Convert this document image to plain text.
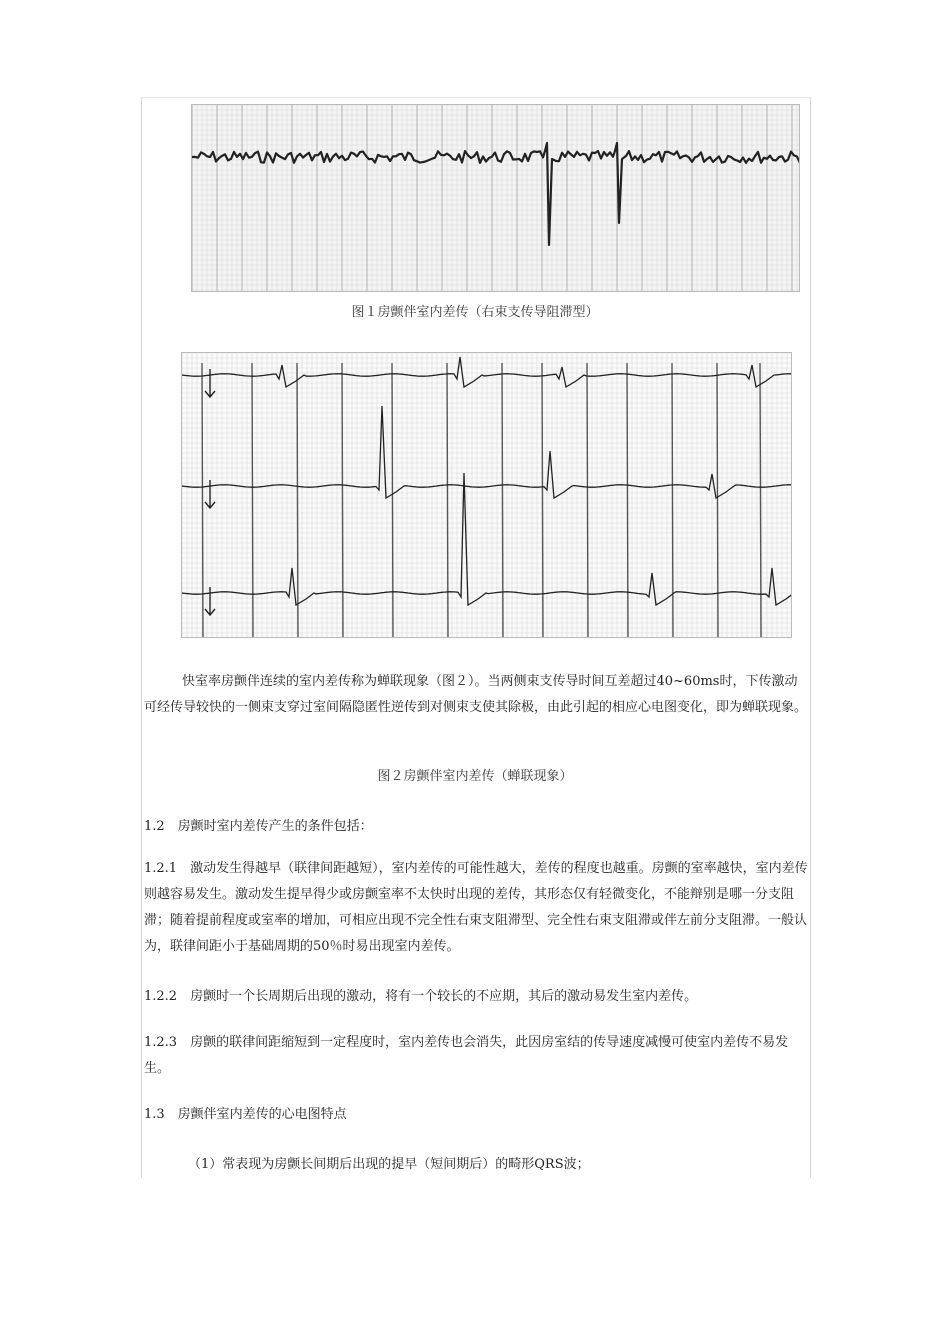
图１房颤伴室内差传（右束支传导阻滞型）

快室率房颤伴连续的室内差传称为蝉联现象（图２）。当两侧束支传导时间互差超过40~60ms时，下传激动可经传导较快的一侧束支穿过室间隔隐匿性逆传到对侧束支使其除极，由此引起的相应心电图变化，即为蝉联现象。

图２房颤伴室内差传（蝉联现象）

1.2　房颤时室内差传产生的条件包括：

1.2.1　激动发生得越早（联律间距越短），室内差传的可能性越大，差传的程度也越重。房颤的室率越快，室内差传则越容易发生。激动发生提早得少或房颤室率不太快时出现的差传，其形态仅有轻微变化，不能辩别是哪一分支阻滞；随着提前程度或室率的增加，可相应出现不完全性右束支阻滞型、完全性右束支阻滞或伴左前分支阻滞。一般认为，联律间距小于基础周期的50％时易出现室内差传。

1.2.2　房颤时一个长周期后出现的激动，将有一个较长的不应期，其后的激动易发生室内差传。

1.2.3　房颤的联律间距缩短到一定程度时，室内差传也会消失，此因房室结的传导速度减慢可使室内差传不易发生。

1.3　房颤伴室内差传的心电图特点

（1）常表现为房颤长间期后出现的提早（短间期后）的畸形QRS波；
